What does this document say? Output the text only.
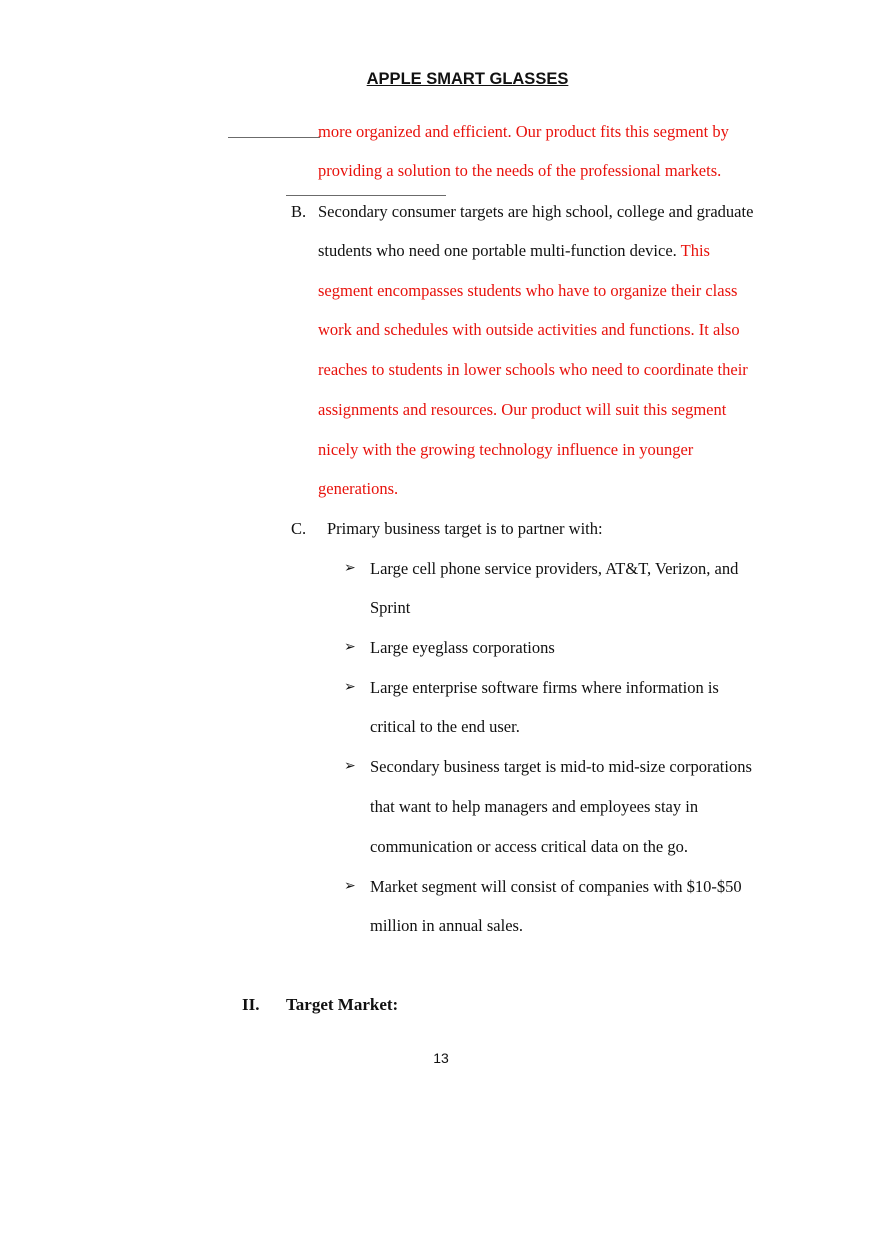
APPLE SMART GLASSES
more organized and efficient. Our product fits this segment by
providing a solution to the needs of the professional markets.
B. Secondary consumer targets are high school, college and graduate
students who need one portable multi-function device. This
segment encompasses students who have to organize their class
work and schedules with outside activities and functions. It also
reaches to students in lower schools who need to coordinate their
assignments and resources. Our product will suit this segment
nicely with the growing technology influence in younger
generations.
C. Primary business target is to partner with:
➢ Large cell phone service providers, AT&T, Verizon, and
Sprint
➢ Large eyeglass corporations
➢ Large enterprise software firms where information is
critical to the end user.
➢ Secondary business target is mid-to mid-size corporations
that want to help managers and employees stay in
communication or access critical data on the go.
➢ Market segment will consist of companies with $10-$50
million in annual sales.
II. Target Market:
13
